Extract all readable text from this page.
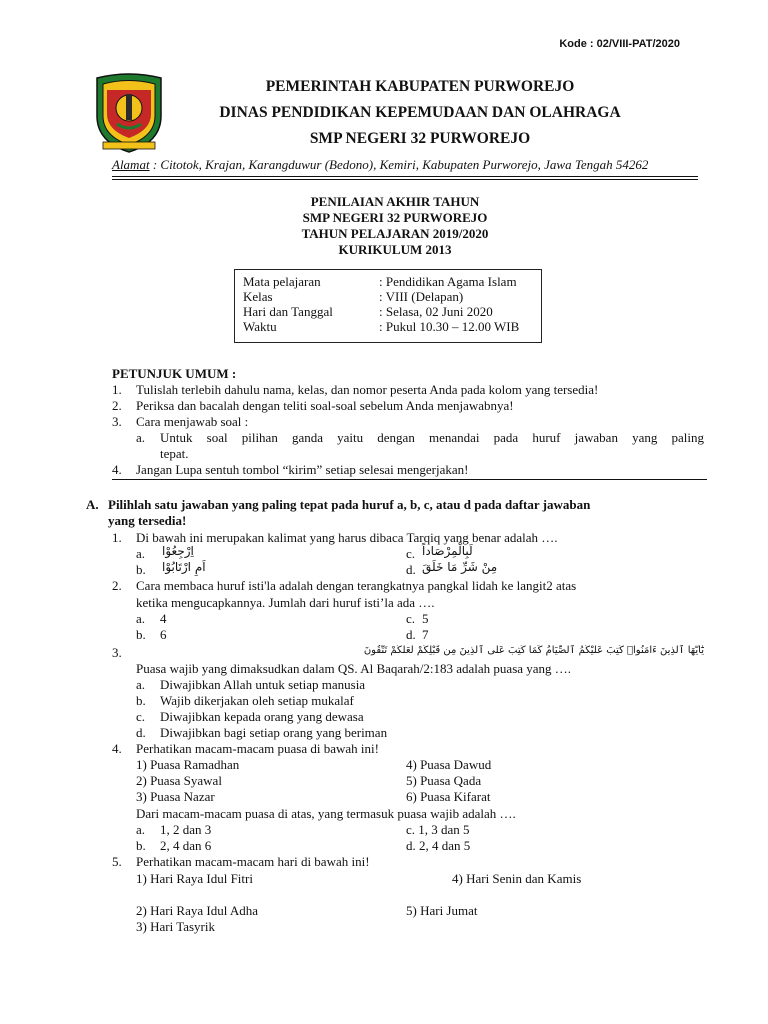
Kode : 02/VIII-PAT/2020
PEMERINTAH KABUPATEN PURWOREJO
DINAS PENDIDIKAN KEPEMUDAAN DAN OLAHRAGA
SMP NEGERI 32 PURWOREJO
Alamat : Citotok, Krajan, Karangduwur (Bedono), Kemiri, Kabupaten Purworejo, Jawa Tengah 54262
PENILAIAN AKHIR TAHUN
SMP NEGERI 32 PURWOREJO
TAHUN PELAJARAN 2019/2020
KURIKULUM 2013
Mata pelajaran	: Pendidikan Agama Islam
Kelas	: VIII (Delapan)
Hari dan Tanggal	: Selasa, 02 Juni 2020
Waktu	: Pukul 10.30 – 12.00 WIB
PETUNJUK UMUM :
1. Tulislah terlebih dahulu nama, kelas, dan nomor peserta Anda pada kolom yang tersedia!
2. Periksa dan bacalah dengan teliti soal-soal sebelum Anda menjawabnya!
3. Cara menjawab soal :
a. Untuk soal pilihan ganda yaitu dengan menandai pada huruf jawaban yang paling
tepat.
4. Jangan Lupa sentuh tombol “kirim” setiap selesai mengerjakan!
A. Pilihlah satu jawaban yang paling tepat pada huruf a, b, c, atau d pada daftar jawaban
yang tersedia!
1. Di bawah ini merupakan kalimat yang harus dibaca Tarqiq yang benar adalah ….
a. اِرْجِعُوْا
b. اَمِ ارْتَابُوْا
c. لَبِالْمِرْصَاداً
d. مِنْ شَرِّ مَا خَلَقَ
2. Cara membaca huruf isti'la adalah dengan terangkatnya pangkal lidah ke langit2 atas
ketika mengucapkannya. Jumlah dari huruf isti’la ada ….
a. 4
b. 6
c. 5
d. 7
3.	يَٰٓأَيُّهَا ٱلَّذِينَ ءَامَنُوا۟ كُتِبَ عَلَيْكُمُ ٱلصِّيَامُ كَمَا كُتِبَ عَلَى ٱلَّذِينَ مِن قَبْلِكُمْ لَعَلَّكُمْ تَتَّقُونَ
Puasa wajib yang dimaksudkan dalam QS. Al Baqarah/2:183 adalah puasa yang ….
a. Diwajibkan Allah untuk setiap manusia
b. Wajib dikerjakan oleh setiap mukalaf
c. Diwajibkan kepada orang yang dewasa
d. Diwajibkan bagi setiap orang yang beriman
4. Perhatikan macam-macam puasa di bawah ini!
1) Puasa Ramadhan
2) Puasa Syawal
3) Puasa Nazar
4) Puasa Dawud
5) Puasa Qada
6) Puasa Kifarat
Dari macam-macam puasa di atas, yang termasuk puasa wajib adalah ….
a. 1, 2 dan 3
b. 2, 4 dan 6
c. 1, 3 dan 5
d. 2, 4 dan 5
5. Perhatikan macam-macam hari di bawah ini!
1) Hari Raya Idul Fitri	4) Hari Senin dan Kamis
2) Hari Raya Idul Adha	5) Hari Jumat
3) Hari Tasyrik
